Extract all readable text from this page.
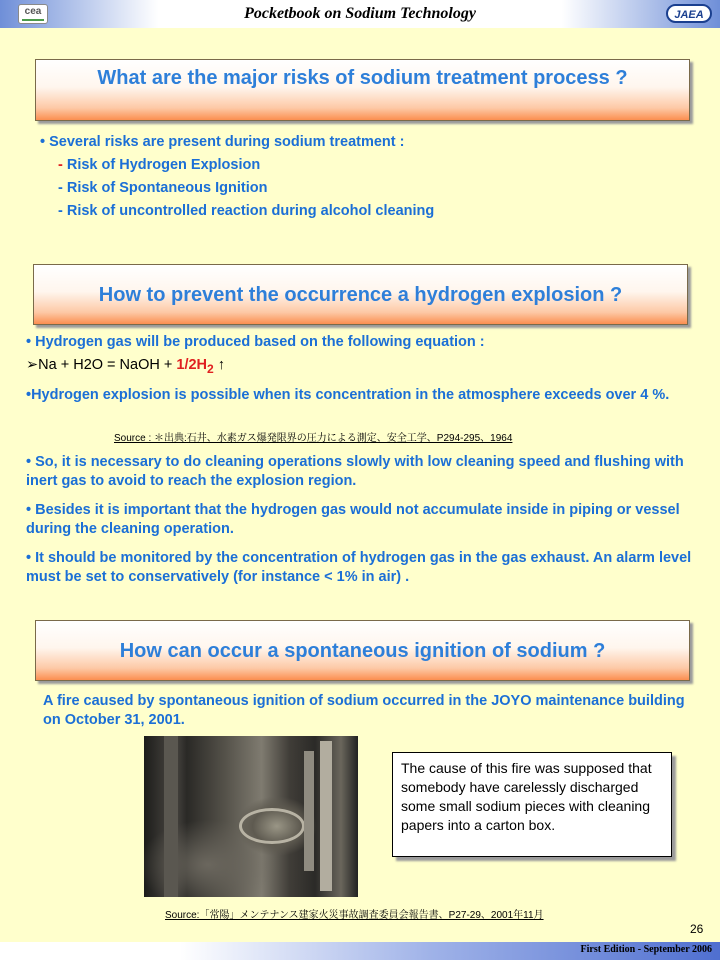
cea	Pocketbook on Sodium Technology	JAEA
What are the major risks of sodium treatment process ?
• Several risks are present during sodium treatment :
- Risk of Hydrogen Explosion
- Risk of Spontaneous Ignition
- Risk of uncontrolled reaction during alcohol cleaning
How to prevent the occurrence a hydrogen explosion ?
• Hydrogen gas will be produced based on the following equation :
➢Na + H2O = NaOH + $1/2H_2$ ↑
•Hydrogen explosion is possible when its concentration in the atmosphere exceeds over 4 %.
Source : ＊出典:石井、水素ガス爆発限界の圧力による測定、安全工学、P294-295、1964
• So, it is necessary to do cleaning operations slowly with low cleaning speed and flushing with inert gas to avoid to reach the explosion region.
• Besides it is important that the hydrogen gas would not accumulate inside in piping or vessel during the cleaning operation.
• It should be monitored by the concentration of hydrogen gas in the gas exhaust. An alarm level must be set to conservatively (for instance < 1% in air) .
How can occur a spontaneous ignition of sodium ?
A fire caused by spontaneous ignition of sodium occurred in the JOYO maintenance building on October 31, 2001.
The cause of this fire was supposed that somebody have carelessly discharged some small sodium pieces with cleaning papers into a carton box.
Source:「常陽」メンテナンス建家火災事故調査委員会報告書、P27-29、2001年11月
26
First Edition - September 2006
